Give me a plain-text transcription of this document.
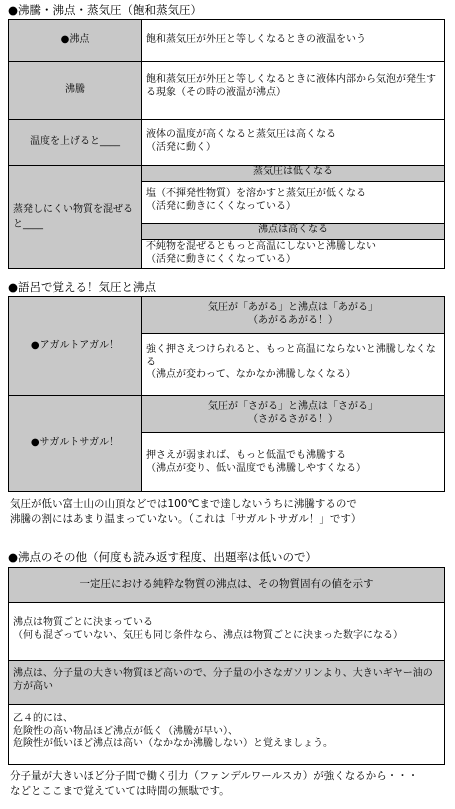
●沸騰・沸点・蒸気圧（飽和蒸気圧）
●沸点	飽和蒸気圧が外圧と等しくなるときの液温をいう
沸騰
飽和蒸気圧が外圧と等しくなるときに液体内部から気泡が発生する現象（その時の液温が沸点）
温度を上げると____
液体の温度が高くなると蒸気圧は高くなる
（活発に動く）
蒸発しにくい物質を混ぜると____
蒸気圧は低くなる
塩（不揮発性物質）を溶かすと蒸気圧が低くなる
（活発に動きにくくなっている）
沸点は高くなる
不純物を混ぜるともっと高温にしないと沸騰しない
（活発に動きにくくなっている）
●語呂で覚える！気圧と沸点
●アガルトアガル！
気圧が「あがる」と沸点は「あがる」
（あがるあがる！）
強く押さえつけられると、もっと高温にならないと沸騰しなくなる
（沸点が変わって、なかなか沸騰しなくなる）
●サガルトサガル！
気圧が「さがる」と沸点は「さがる」
（さがるさがる！）
押さえが弱まれば、もっと低温でも沸騰する
（沸点が変り、低い温度でも沸騰しやすくなる）
気圧が低い富士山の山頂などでは100℃まで達しないうちに沸騰するので
沸騰の割にはあまり温まっていない。（これは「サガルトサガル！」です）
●沸点のその他（何度も読み返す程度、出題率は低いので）
一定圧における純粋な物質の沸点は、その物質固有の値を示す
沸点は物質ごとに決まっている
（何も混ざっていない、気圧も同じ条件なら、沸点は物質ごとに決まった数字になる）
沸点は、分子量の大きい物質ほど高いので、分子量の小さなガソリンより、大きいギヤー油の方が高い
乙４的には、
危険性の高い物品ほど沸点が低く（沸騰が早い）、
危険性が低いほど沸点は高い（なかなか沸騰しない）と覚えましょう。
分子量が大きいほど分子間で働く引力（ファンデルワールスカ）が強くなるから・・・
などとここまで覚えていては時間の無駄です。
